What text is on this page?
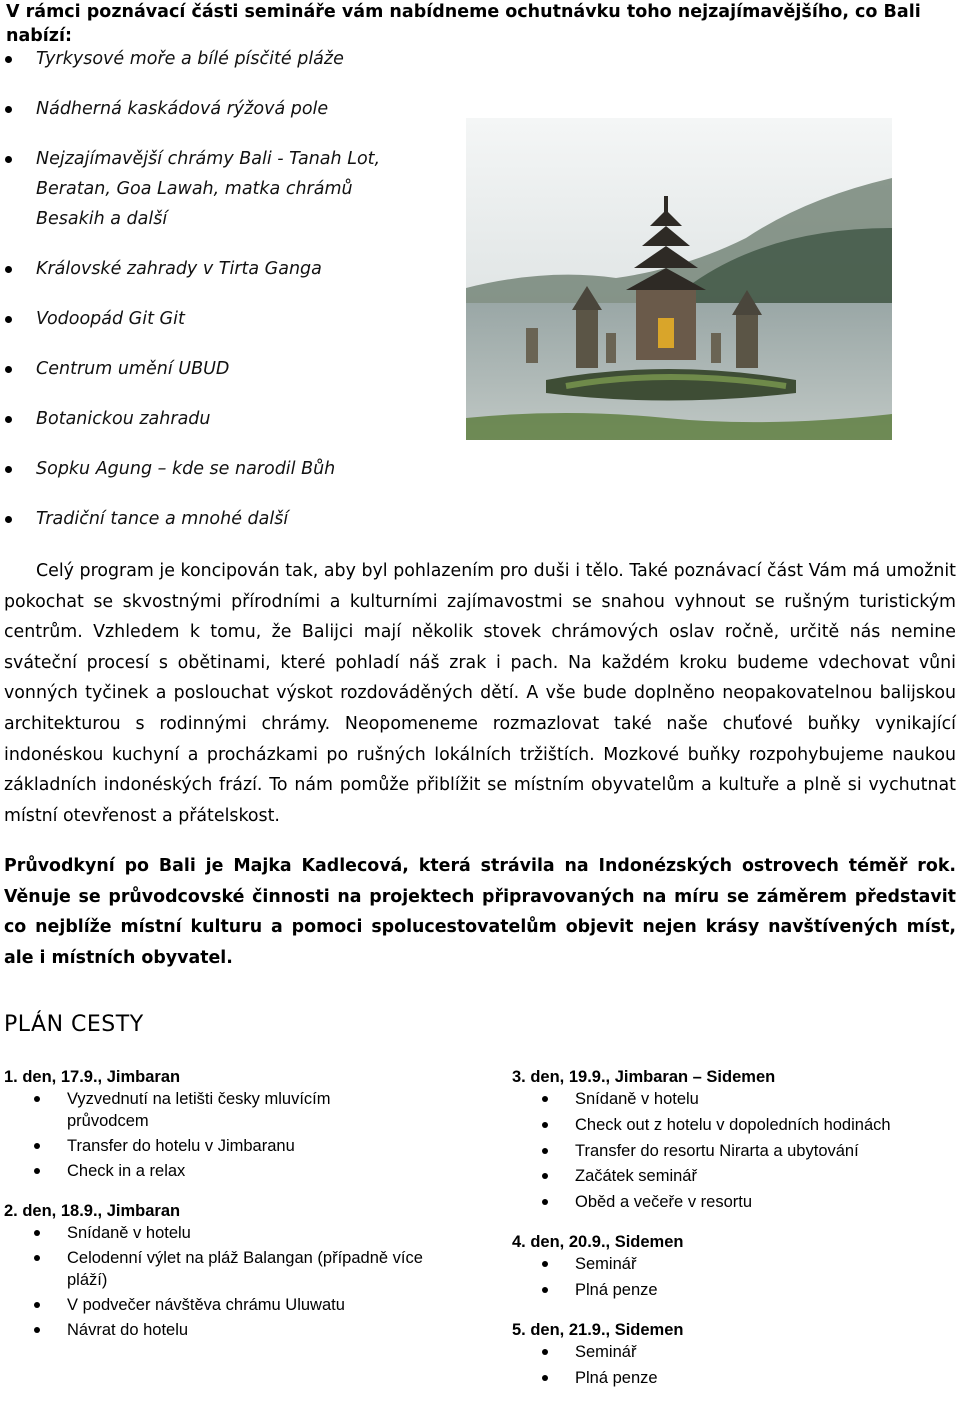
V rámci poznávací části semináře vám nabídneme ochutnávku toho nejzajímavějšího, co Bali nabízí:

Tyrkysové moře a bílé písčité pláže
Nádherná kaskádová rýžová pole
Nejzajímavější chrámy Bali - Tanah Lot, Beratan, Goa Lawah, matka chrámů Besakih a další
Královské zahrady v Tirta Ganga
Vodoopád Git Git
Centrum umění UBUD
Botanickou zahradu
Sopku Agung – kde se narodil Bůh
Tradiční tance a mnohé další

Celý program je koncipován tak, aby byl pohlazením pro duši i tělo. Také poznávací část Vám má umožnit pokochat se skvostnými přírodními a kulturními zajímavostmi se snahou vyhnout se rušným turistickým centrům. Vzhledem k tomu, že Balijci mají několik stovek chrámových oslav ročně, určitě nás nemine sváteční procesí s obětinami, které pohladí náš zrak i pach. Na každém kroku budeme vdechovat vůni vonných tyčinek a poslouchat výskot rozdováděných dětí. A vše bude doplněno neopakovatelnou balijskou architekturou s rodinnými chrámy. Neopomeneme rozmazlovat také naše chuťové buňky vynikající indonéskou kuchyní a procházkami po rušných lokálních tržištích. Mozkové buňky rozpohybujeme naukou základních indonéských frází. To nám pomůže přiblížit se místním obyvatelům a kultuře a plně si vychutnat místní otevřenost a přátelskost.

Průvodkyní po Bali je Majka Kadlecová, která strávila na Indonézských ostrovech téměř rok. Věnuje se průvodcovské činnosti na projektech připravovaných na míru se záměrem představit co nejblíže místní kulturu a pomoci spolucestovatelům objevit nejen krásy navštívených míst, ale i místních obyvatel.

PLÁN CESTY

1. den, 17.9., Jimbaran

Vyzvednutí na letišti česky mluvícím průvodcem
Transfer do hotelu v Jimbaranu
Check in a relax

2. den, 18.9., Jimbaran

Snídaně v hotelu
Celodenní výlet na pláž Balangan (případně více pláží)
V podvečer návštěva chrámu Uluwatu
Návrat do hotelu

3. den, 19.9., Jimbaran – Sidemen

Snídaně v hotelu
Check out z hotelu v dopoledních hodinách
Transfer do resortu Nirarta a ubytování
Začátek seminář
Oběd a večeře v resortu

4. den, 20.9., Sidemen

Seminář
Plná penze

5. den, 21.9., Sidemen

Seminář
Plná penze
